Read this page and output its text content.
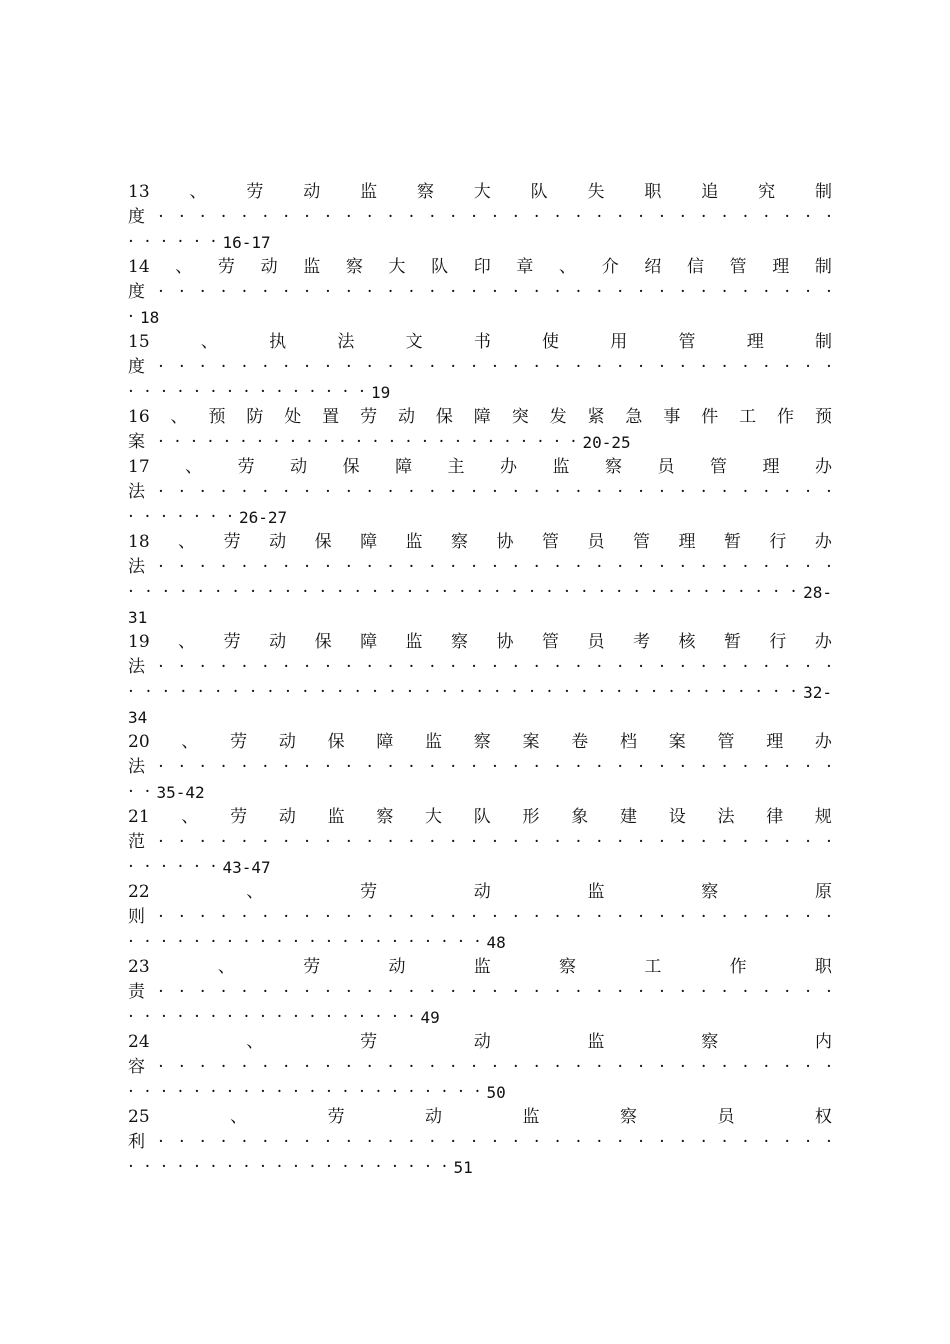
13 、 劳 动 监 察 大 队 失 职 追 究 制
度 · · · · · · · · · · · · · · · · · · · · · · · · · · · · · · · · ·
· · · · · · 16-17
14 、 劳 动 监 察 大 队 印 章 、 介 绍 信 管 理 制
度 · · · · · · · · · · · · · · · · · · · · · · · · · · · · · · · · ·
· 18
15	、	执	法	文	书	使	用	管	理	制
度 · · · · · · · · · · · · · · · · · · · · · · · · · · · · · · · · ·
· · · · · · · · · · · · · · · 19
16 、 预 防 处 置 劳 动 保 障 突 发 紧 急 事 件 工 作 预
案 · · · · · · · · · · · · · · · · · · · · · · · · · · 20-25
17 、 劳 动 保 障 主 办 监 察 员 管 理 办
法 · · · · · · · · · · · · · · · · · · · · · · · · · · · · · · · · ·
· · · · · · · 26-27
18 、 劳 动 保 障 监 察 协 管 员 管 理 暂 行 办
法 · · · · · · · · · · · · · · · · · · · · · · · · · · · · · · · · ·
· · · · · · · · · · · · · · · · · · · · · · · · · · · · · · · · · · · · · · · 28-
31
19 、 劳 动 保 障 监 察 协 管 员 考 核 暂 行 办
法 · · · · · · · · · · · · · · · · · · · · · · · · · · · · · · · · ·
· · · · · · · · · · · · · · · · · · · · · · · · · · · · · · · · · · · · · · · 32-
34
20 、 劳 动 保 障 监 察 案 卷 档 案 管 理 办
法 · · · · · · · · · · · · · · · · · · · · · · · · · · · · · · · · ·
· · 35-42
21 、 劳 动 监 察 大 队 形 象 建 设 法 律 规
范 · · · · · · · · · · · · · · · · · · · · · · · · · · · · · · · · ·
· · · · · · 43-47
22	、	劳	动	监	察	原
则 · · · · · · · · · · · · · · · · · · · · · · · · · · · · · · · · ·
· · · · · · · · · · · · · · · · · · · · · · 48
23	、	劳	动	监	察	工	作	职
责 · · · · · · · · · · · · · · · · · · · · · · · · · · · · · · · · ·
· · · · · · · · · · · · · · · · · · 49
24	、	劳	动	监	察	内
容 · · · · · · · · · · · · · · · · · · · · · · · · · · · · · · · · ·
· · · · · · · · · · · · · · · · · · · · · · 50
25	、	劳	动	监	察	员	权
利 · · · · · · · · · · · · · · · · · · · · · · · · · · · · · · · · ·
· · · · · · · · · · · · · · · · · · · · 51
